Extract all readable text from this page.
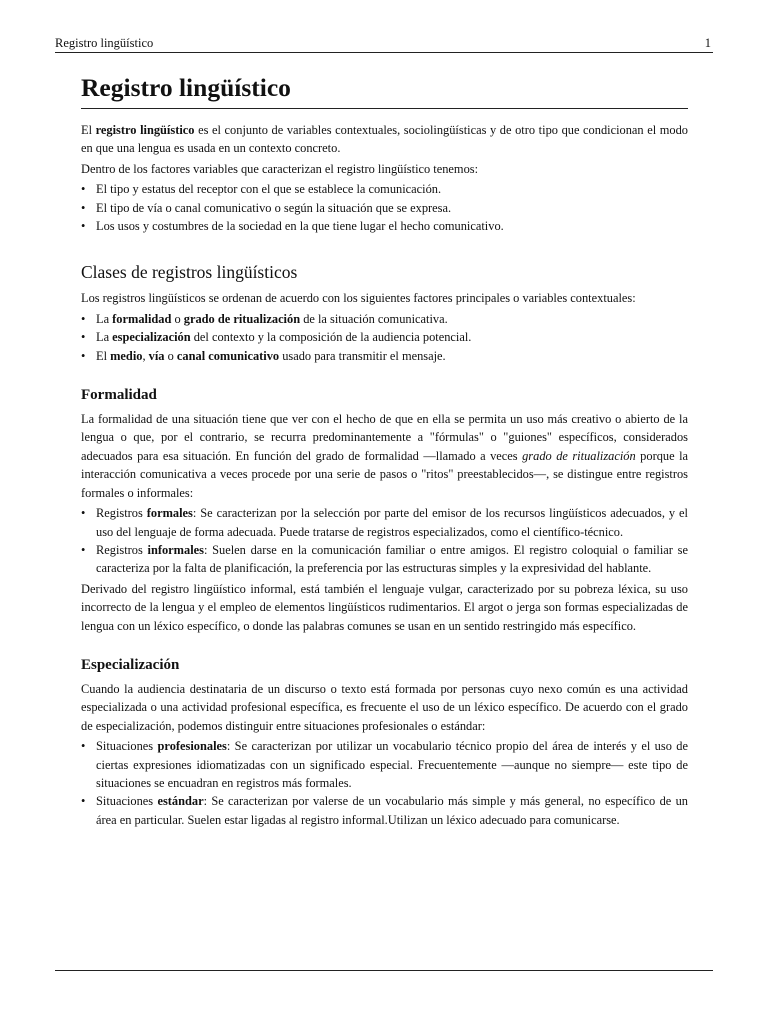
Registro lingüístico	1
Registro lingüístico

El registro lingüístico es el conjunto de variables contextuales, sociolingüísticas y de otro tipo que condicionan el modo en que una lengua es usada en un contexto concreto.

Dentro de los factores variables que caracterizan el registro lingüístico tenemos:

• El tipo y estatus del receptor con el que se establece la comunicación.
• El tipo de vía o canal comunicativo o según la situación que se expresa.
• Los usos y costumbres de la sociedad en la que tiene lugar el hecho comunicativo.
Clases de registros lingüísticos

Los registros lingüísticos se ordenan de acuerdo con los siguientes factores principales o variables contextuales:

• La formalidad o grado de ritualización de la situación comunicativa.
• La especialización del contexto y la composición de la audiencia potencial.
• El medio, vía o canal comunicativo usado para transmitir el mensaje.
Formalidad

La formalidad de una situación tiene que ver con el hecho de que en ella se permita un uso más creativo o abierto de la lengua o que, por el contrario, se recurra predominantemente a "fórmulas" o "guiones" específicos, considerados adecuados para esa situación. En función del grado de formalidad —llamado a veces grado de ritualización porque la interacción comunicativa a veces procede por una serie de pasos o "ritos" preestablecidos—, se distingue entre registros formales o informales:

• Registros formales: Se caracterizan por la selección por parte del emisor de los recursos lingüísticos adecuados, y el uso del lenguaje de forma adecuada. Puede tratarse de registros especializados, como el científico-técnico.
• Registros informales: Suelen darse en la comunicación familiar o entre amigos. El registro coloquial o familiar se caracteriza por la falta de planificación, la preferencia por las estructuras simples y la expresividad del hablante.

Derivado del registro lingüístico informal, está también el lenguaje vulgar, caracterizado por su pobreza léxica, su uso incorrecto de la lengua y el empleo de elementos lingüísticos rudimentarios. El argot o jerga son formas especializadas de lengua con un léxico específico, o donde las palabras comunes se usan en un sentido restringido más específico.

Especialización

Cuando la audiencia destinataria de un discurso o texto está formada por personas cuyo nexo común es una actividad especializada o una actividad profesional específica, es frecuente el uso de un léxico específico. De acuerdo con el grado de especialización, podemos distinguir entre situaciones profesionales o estándar:

• Situaciones profesionales: Se caracterizan por utilizar un vocabulario técnico propio del área de interés y el uso de ciertas expresiones idiomatizadas con un significado especial. Frecuentemente —aunque no siempre— este tipo de situaciones se encuadran en registros más formales.
• Situaciones estándar: Se caracterizan por valerse de un vocabulario más simple y más general, no específico de un área en particular. Suelen estar ligadas al registro informal.Utilizan un léxico adecuado para comunicarse.
